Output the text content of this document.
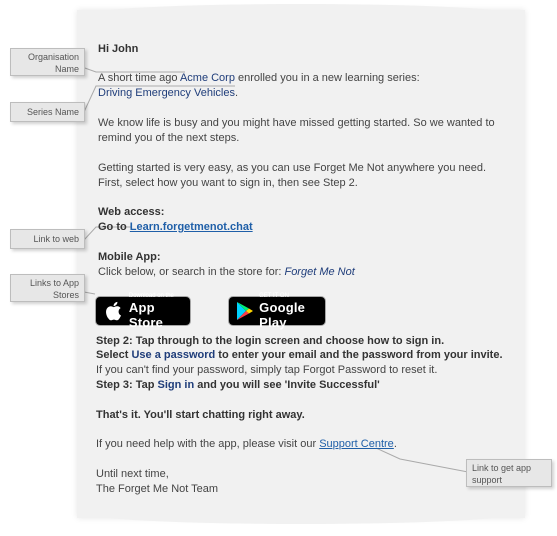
Organisation Name
Series Name
Link to web
Links to App Stores
Link to get app support
Hi John
A short time ago Acme Corp enrolled you in a new learning series:
Driving Emergency Vehicles.
We know life is busy and you might have missed getting started. So we wanted to
remind you of the next steps.
Getting started is very easy, as you can use Forget Me Not anywhere you need.
First, select how you want to sign in, then see Step 2.
Web access:
Go to Learn.forgetmenot.chat
Mobile App:
Click below, or search in the store for: Forget Me Not
Download on the
App Store
GET IT ON
Google Play
Step 2: Tap through to the login screen and choose how to sign in.
Select Use a password to enter your email and the password from your invite.
If you can't find your password, simply tap Forgot Password to reset it.
Step 3: Tap Sign in and you will see 'Invite Successful'
That's it. You'll start chatting right away.
If you need help with the app, please visit our Support Centre.
Until next time,
The Forget Me Not Team
